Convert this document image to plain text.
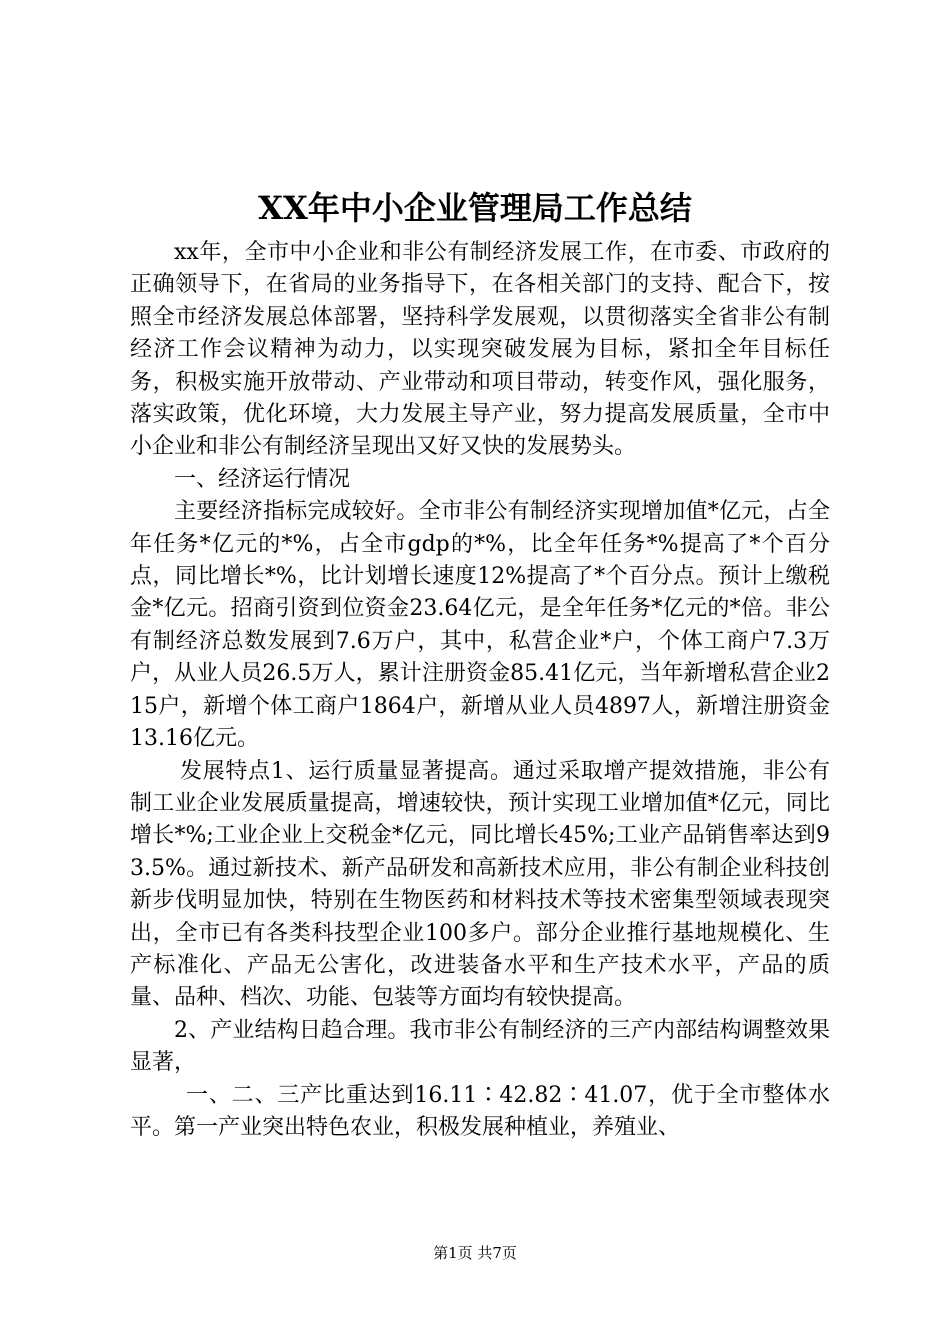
XX年中小企业管理局工作总结

xx年，全市中小企业和非公有制经济发展工作，在市委、市政府的正确领导下，在省局的业务指导下，在各相关部门的支持、配合下，按照全市经济发展总体部署，坚持科学发展观，以贯彻落实全省非公有制经济工作会议精神为动力，以实现突破发展为目标，紧扣全年目标任务，积极实施开放带动、产业带动和项目带动，转变作风，强化服务，落实政策，优化环境，大力发展主导产业，努力提高发展质量，全市中小企业和非公有制经济呈现出又好又快的发展势头。

一、经济运行情况

主要经济指标完成较好。全市非公有制经济实现增加值*亿元，占全年任务*亿元的*%，占全市gdp的*%，比全年任务*%提高了*个百分点，同比增长*%，比计划增长速度12%提高了*个百分点。预计上缴税金*亿元。招商引资到位资金23.64亿元，是全年任务*亿元的*倍。非公有制经济总数发展到7.6万户，其中，私营企业*户，个体工商户7.3万户，从业人员26.5万人，累计注册资金85.41亿元，当年新增私营企业215户，新增个体工商户1864户，新增从业人员4897人，新增注册资金13.16亿元。

发展特点1、运行质量显著提高。通过采取增产提效措施，非公有制工业企业发展质量提高，增速较快，预计实现工业增加值*亿元，同比增长*%;工业企业上交税金*亿元，同比增长45%;工业产品销售率达到93.5%。通过新技术、新产品研发和高新技术应用，非公有制企业科技创新步伐明显加快，特别在生物医药和材料技术等技术密集型领域表现突出，全市已有各类科技型企业100多户。部分企业推行基地规模化、生产标准化、产品无公害化，改进装备水平和生产技术水平，产品的质量、品种、档次、功能、包装等方面均有较快提高。

2、产业结构日趋合理。我市非公有制经济的三产内部结构调整效果显著，

一、二、三产比重达到16.11∶42.82∶41.07，优于全市整体水平。第一产业突出特色农业，积极发展种植业，养殖业、

第1页 共7页
